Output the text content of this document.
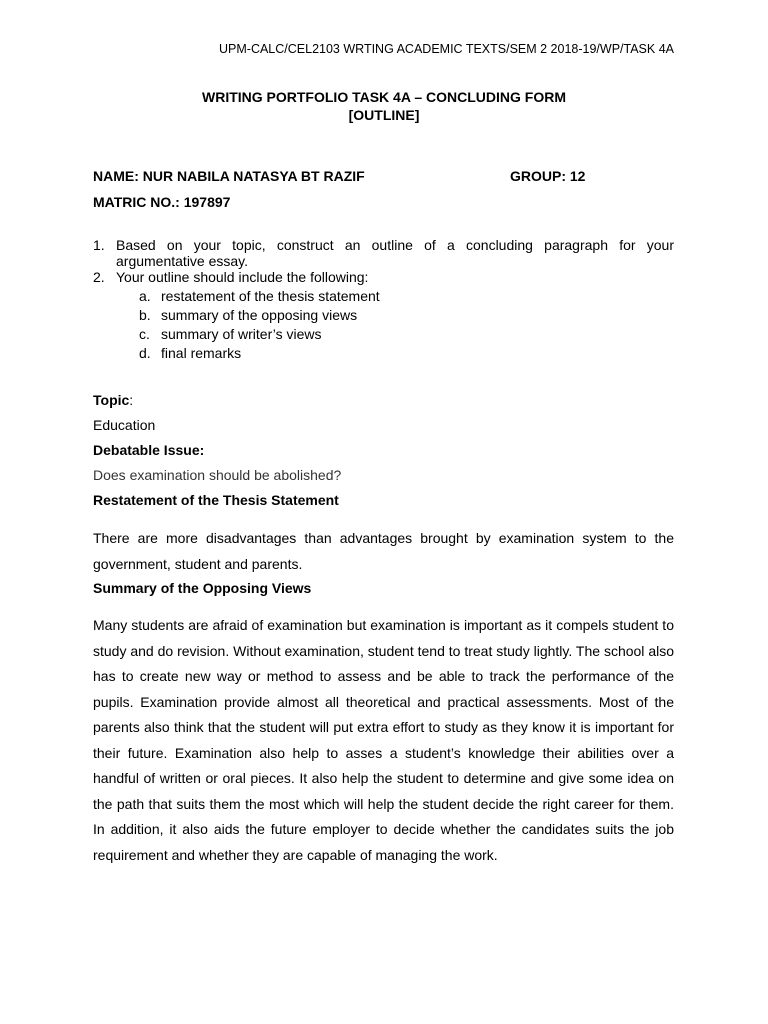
UPM-CALC/CEL2103 WRTING ACADEMIC TEXTS/SEM 2 2018-19/WP/TASK 4A
WRITING PORTFOLIO TASK 4A – CONCLUDING FORM
[OUTLINE]
NAME: NUR NABILA NATASYA BT RAZIF	GROUP: 12
MATRIC NO.: 197897
1. Based on your topic, construct an outline of a concluding paragraph for your argumentative essay.
2. Your outline should include the following:
a. restatement of the thesis statement
b. summary of the opposing views
c. summary of writer’s views
d. final remarks
Topic:
Education
Debatable Issue:
Does examination should be abolished?
Restatement of the Thesis Statement
There are more disadvantages than advantages brought by examination system to the government, student and parents.
Summary of the Opposing Views
Many students are afraid of examination but examination is important as it compels student to study and do revision. Without examination, student tend to treat study lightly. The school also has to create new way or method to assess and be able to track the performance of the pupils. Examination provide almost all theoretical and practical assessments. Most of the parents also think that the student will put extra effort to study as they know it is important for their future. Examination also help to asses a student’s knowledge their abilities over a handful of written or oral pieces. It also help the student to determine and give some idea on the path that suits them the most which will help the student decide the right career for them. In addition, it also aids the future employer to decide whether the candidates suits the job requirement and whether they are capable of managing the work.
